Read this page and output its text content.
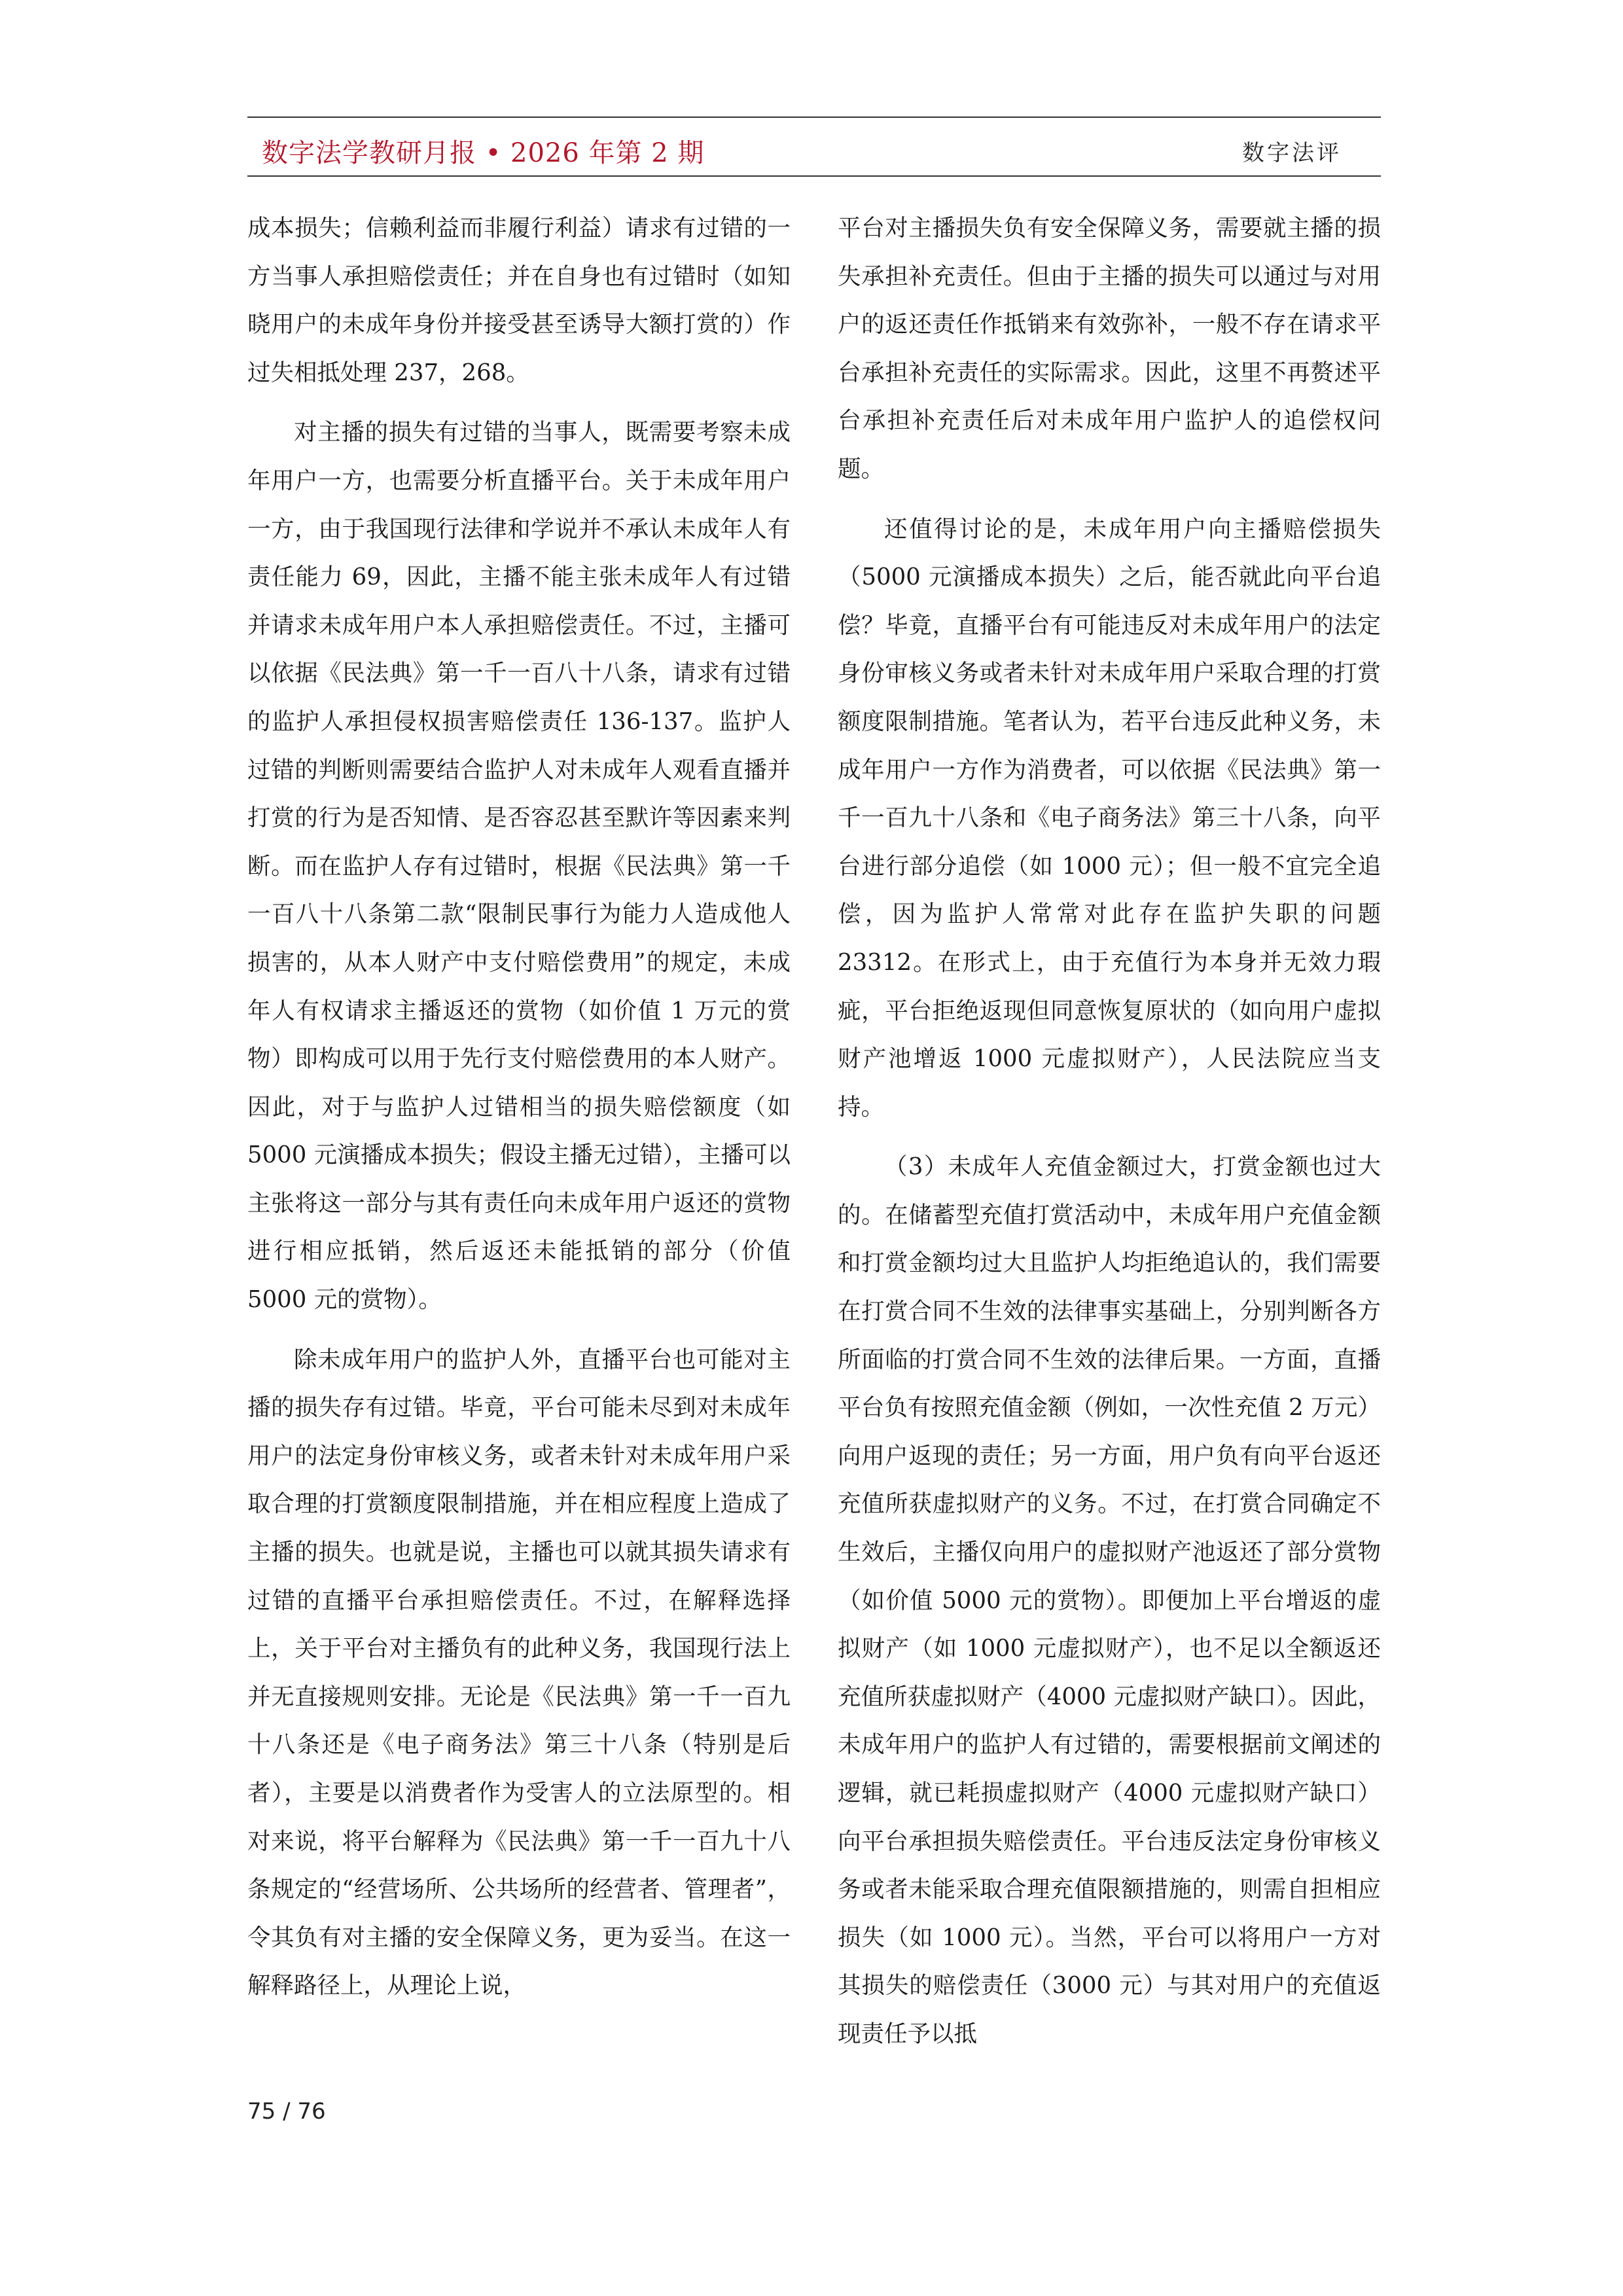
数字法学教研月报 • 2026 年第 2 期	数字法评

成本损失；信赖利益而非履行利益）请求有过错的一方当事人承担赔偿责任；并在自身也有过错时（如知晓用户的未成年身份并接受甚至诱导大额打赏的）作过失相抵处理 237，268。

对主播的损失有过错的当事人，既需要考察未成年用户一方，也需要分析直播平台。关于未成年用户一方，由于我国现行法律和学说并不承认未成年人有责任能力 69，因此，主播不能主张未成年人有过错并请求未成年用户本人承担赔偿责任。不过，主播可以依据《民法典》第一千一百八十八条，请求有过错的监护人承担侵权损害赔偿责任 136-137。监护人过错的判断则需要结合监护人对未成年人观看直播并打赏的行为是否知情、是否容忍甚至默许等因素来判断。而在监护人存有过错时，根据《民法典》第一千一百八十八条第二款“限制民事行为能力人造成他人损害的，从本人财产中支付赔偿费用”的规定，未成年人有权请求主播返还的赏物（如价值 1 万元的赏物）即构成可以用于先行支付赔偿费用的本人财产。因此，对于与监护人过错相当的损失赔偿额度（如 5000 元演播成本损失；假设主播无过错），主播可以主张将这一部分与其有责任向未成年用户返还的赏物进行相应抵销，然后返还未能抵销的部分（价值 5000 元的赏物）。

除未成年用户的监护人外，直播平台也可能对主播的损失存有过错。毕竟，平台可能未尽到对未成年用户的法定身份审核义务，或者未针对未成年用户采取合理的打赏额度限制措施，并在相应程度上造成了主播的损失。也就是说，主播也可以就其损失请求有过错的直播平台承担赔偿责任。不过，在解释选择上，关于平台对主播负有的此种义务，我国现行法上并无直接规则安排。无论是《民法典》第一千一百九十八条还是《电子商务法》第三十八条（特别是后者），主要是以消费者作为受害人的立法原型的。相对来说，将平台解释为《民法典》第一千一百九十八条规定的“经营场所、公共场所的经营者、管理者”，令其负有对主播的安全保障义务，更为妥当。在这一解释路径上，从理论上说，

平台对主播损失负有安全保障义务，需要就主播的损失承担补充责任。但由于主播的损失可以通过与对用户的返还责任作抵销来有效弥补，一般不存在请求平台承担补充责任的实际需求。因此，这里不再赘述平台承担补充责任后对未成年用户监护人的追偿权问题。

还值得讨论的是，未成年用户向主播赔偿损失（5000 元演播成本损失）之后，能否就此向平台追偿？毕竟，直播平台有可能违反对未成年用户的法定身份审核义务或者未针对未成年用户采取合理的打赏额度限制措施。笔者认为，若平台违反此种义务，未成年用户一方作为消费者，可以依据《民法典》第一千一百九十八条和《电子商务法》第三十八条，向平台进行部分追偿（如 1000 元）；但一般不宜完全追偿，因为监护人常常对此存在监护失职的问题 23312。在形式上，由于充值行为本身并无效力瑕疵，平台拒绝返现但同意恢复原状的（如向用户虚拟财产池增返 1000 元虚拟财产），人民法院应当支持。

（3）未成年人充值金额过大，打赏金额也过大的。在储蓄型充值打赏活动中，未成年用户充值金额和打赏金额均过大且监护人均拒绝追认的，我们需要在打赏合同不生效的法律事实基础上，分别判断各方所面临的打赏合同不生效的法律后果。一方面，直播平台负有按照充值金额（例如，一次性充值 2 万元）向用户返现的责任；另一方面，用户负有向平台返还充值所获虚拟财产的义务。不过，在打赏合同确定不生效后，主播仅向用户的虚拟财产池返还了部分赏物（如价值 5000 元的赏物）。即便加上平台增返的虚拟财产（如 1000 元虚拟财产），也不足以全额返还充值所获虚拟财产（4000 元虚拟财产缺口）。因此，未成年用户的监护人有过错的，需要根据前文阐述的逻辑，就已耗损虚拟财产（4000 元虚拟财产缺口）向平台承担损失赔偿责任。平台违反法定身份审核义务或者未能采取合理充值限额措施的，则需自担相应损失（如 1000 元）。当然，平台可以将用户一方对其损失的赔偿责任（3000 元）与其对用户的充值返现责任予以抵

75 / 76
